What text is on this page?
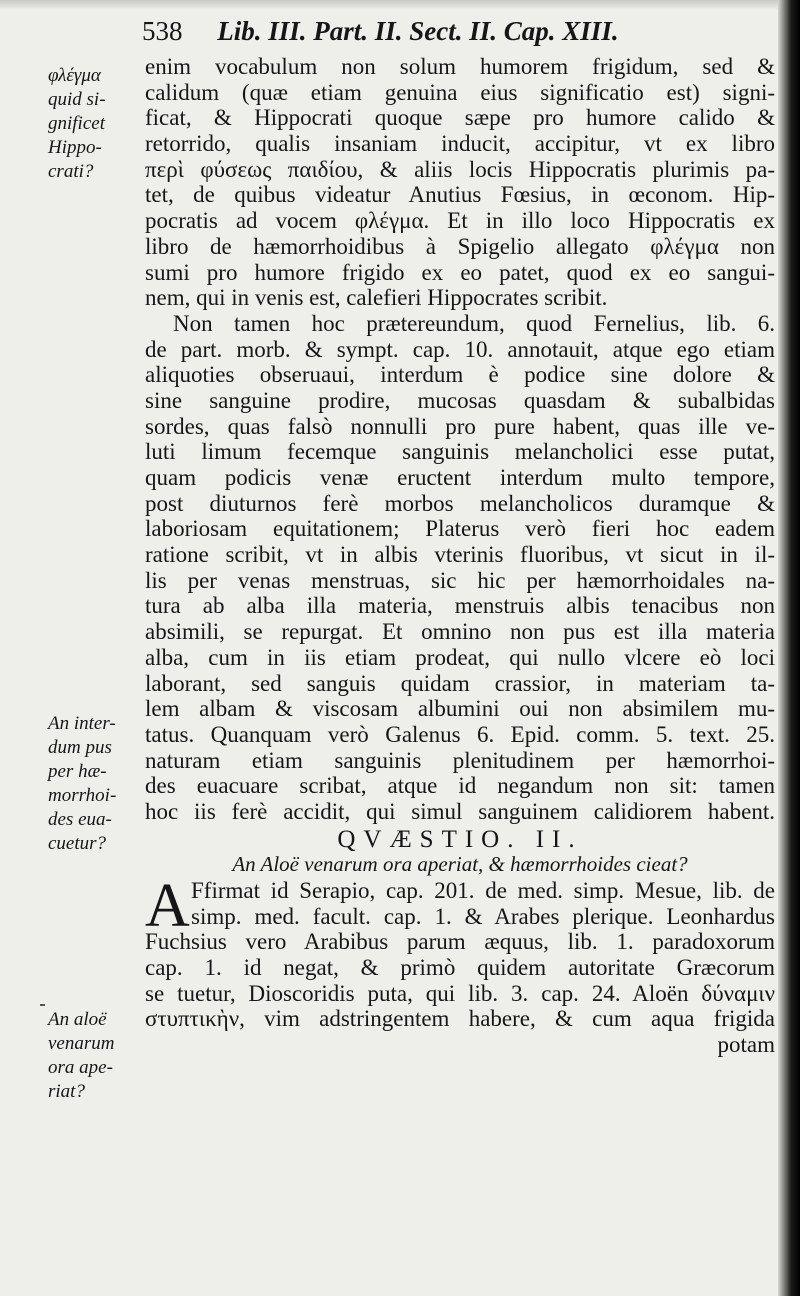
538 Lib. III. Part. II. Sect. II. Cap. XIII.
φλέγμα
quid si-
gnificet
Hippo-
crati?
An inter-
dum pus
per hæ-
morrhoi-
des eua-
cuetur?
An aloë
venarum
ora ape-
riat?
enim vocabulum non solum humorem frigidum, sed &
calidum (quæ etiam genuina eius significatio est) signi-
ficat, & Hippocrati quoque sæpe pro humore calido &
retorrido, qualis insaniam inducit, accipitur, vt ex libro
περὶ φύσεως παιδίου, & aliis locis Hippocratis plurimis pa-
tet, de quibus videatur Anutius Fœsius, in œconom. Hip-
pocratis ad vocem φλέγμα. Et in illo loco Hippocratis ex
libro de hæmorrhoidibus à Spigelio allegato φλέγμα non
sumi pro humore frigido ex eo patet, quod ex eo sangui-
nem, qui in venis est, calefieri Hippocrates scribit.
Non tamen hoc prætereundum, quod Fernelius, lib. 6.
de part. morb. & sympt. cap. 10. annotauit, atque ego etiam
aliquoties obseruaui, interdum è podice sine dolore &
sine sanguine prodire, mucosas quasdam & subalbidas
sordes, quas falsò nonnulli pro pure habent, quas ille ve-
luti limum fecemque sanguinis melancholici esse putat,
quam podicis venæ eructent interdum multo tempore,
post diuturnos ferè morbos melancholicos duramque &
laboriosam equitationem; Platerus verò fieri hoc eadem
ratione scribit, vt in albis vterinis fluoribus, vt sicut in il-
lis per venas menstruas, sic hic per hæmorrhoidales na-
tura ab alba illa materia, menstruis albis tenacibus non
absimili, se repurgat. Et omnino non pus est illa materia
alba, cum in iis etiam prodeat, qui nullo vlcere eò loci
laborant, sed sanguis quidam crassior, in materiam ta-
lem albam & viscosam albumini oui non absimilem mu-
tatus. Quanquam verò Galenus 6. Epid. comm. 5. text. 25.
naturam etiam sanguinis plenitudinem per hæmorrhoi-
des euacuare scribat, atque id negandum non sit: tamen
hoc iis ferè accidit, qui simul sanguinem calidiorem habent.
QVÆSTIO. II.
An Aloë venarum ora aperiat, & hæmorrhoides cieat?
A Ffirmat id Serapio, cap. 201. de med. simp. Mesue, lib. de
simp. med. facult. cap. 1. & Arabes plerique. Leonhardus
Fuchsius vero Arabibus parum æquus, lib. 1. paradoxorum
cap. 1. id negat, & primò quidem autoritate Græcorum
se tuetur, Dioscoridis puta, qui lib. 3. cap. 24. Aloën δύναμιν
στυπτικὴν, vim adstringentem habere, & cum aqua frigida
potam
